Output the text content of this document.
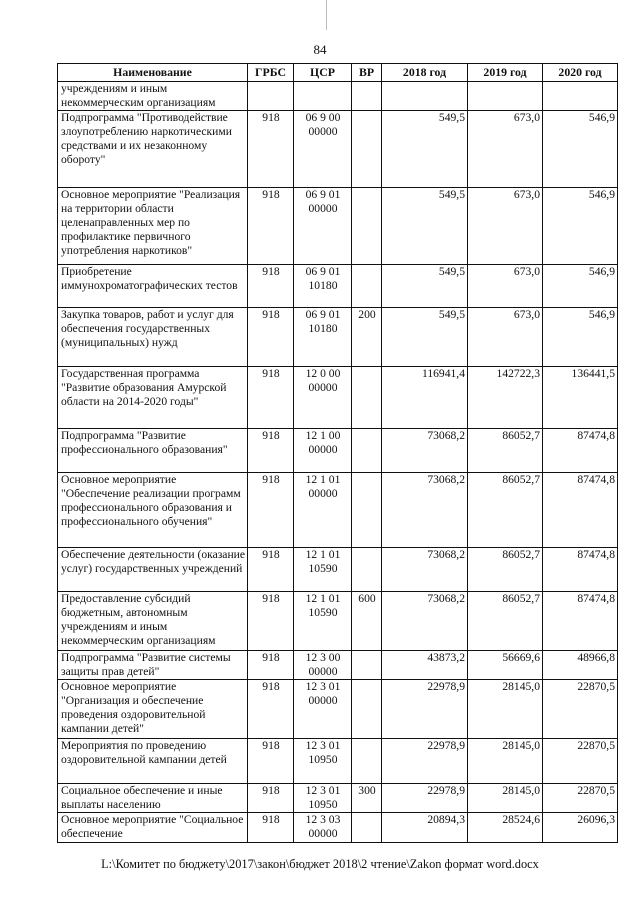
84
Наименование	ГРБС	ЦСР	ВР	2018 год	2019 год	2020 год
учреждениям и иным некоммерческим организациям						
Подпрограмма "Противодействие злоупотреблению наркотическими средствами и их незаконному обороту"	918	06 9 00 00000		549,5	673,0	546,9
Основное мероприятие "Реализация на территории области целенаправленных мер по профилактике первичного употребления наркотиков"	918	06 9 01 00000		549,5	673,0	546,9
Приобретение иммунохроматографических тестов	918	06 9 01 10180		549,5	673,0	546,9
Закупка товаров, работ и услуг для обеспечения государственных (муниципальных) нужд	918	06 9 01 10180	200	549,5	673,0	546,9
Государственная программа "Развитие образования Амурской области на 2014-2020 годы"	918	12 0 00 00000		116941,4	142722,3	136441,5
Подпрограмма "Развитие профессионального образования"	918	12 1 00 00000		73068,2	86052,7	87474,8
Основное мероприятие "Обеспечение реализации программ профессионального образования и профессионального обучения"	918	12 1 01 00000		73068,2	86052,7	87474,8
Обеспечение деятельности (оказание услуг) государственных учреждений	918	12 1 01 10590		73068,2	86052,7	87474,8
Предоставление субсидий бюджетным, автономным учреждениям и иным некоммерческим организациям	918	12 1 01 10590	600	73068,2	86052,7	87474,8
Подпрограмма "Развитие системы защиты прав детей"	918	12 3 00 00000		43873,2	56669,6	48966,8
Основное мероприятие "Организация и обеспечение проведения оздоровительной кампании детей"	918	12 3 01 00000		22978,9	28145,0	22870,5
Мероприятия по проведению оздоровительной кампании детей	918	12 3 01 10950		22978,9	28145,0	22870,5
Социальное обеспечение и иные выплаты населению	918	12 3 01 10950	300	22978,9	28145,0	22870,5
Основное мероприятие "Социальное обеспечение	918	12 3 03 00000		20894,3	28524,6	26096,3
L:\Комитет по бюджету\2017\закон\бюджет 2018\2 чтение\Zakon формат word.docx
